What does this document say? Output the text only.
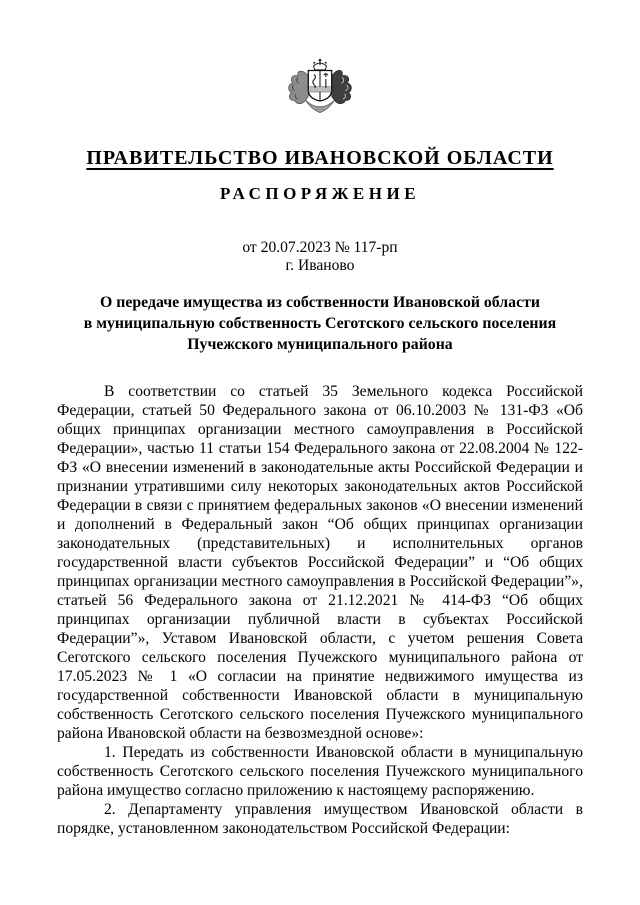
ПРАВИТЕЛЬСТВО ИВАНОВСКОЙ ОБЛАСТИ
РАСПОРЯЖЕНИЕ
от 20.07.2023 № 117-рп
г. Иваново
О передаче имущества из собственности Ивановской области
в муниципальную собственность Сеготского сельского поселения
Пучежского муниципального района

В соответствии со статьей 35 Земельного кодекса Российской Федерации, статьей 50 Федерального закона от 06.10.2003 № 131-ФЗ «Об общих принципах организации местного самоуправления в Российской Федерации», частью 11 статьи 154 Федерального закона от 22.08.2004 № 122-ФЗ «О внесении изменений в законодательные акты Российской Федерации и признании утратившими силу некоторых законодательных актов Российской Федерации в связи с принятием федеральных законов «О внесении изменений и дополнений в Федеральный закон “Об общих принципах организации законодательных (представительных) и исполнительных органов государственной власти субъектов Российской Федерации” и “Об общих принципах организации местного самоуправления в Российской Федерации”», статьей 56 Федерального закона от 21.12.2021 № 414-ФЗ “Об общих принципах организации публичной власти в субъектах Российской Федерации”», Уставом Ивановской области, с учетом решения Совета Сеготского сельского поселения Пучежского муниципального района от 17.05.2023 № 1 «О согласии на принятие недвижимого имущества из государственной собственности Ивановской области в муниципальную собственность Сеготского сельского поселения Пучежского муниципального района Ивановской области на безвозмездной основе»:

1. Передать из собственности Ивановской области в муниципальную собственность Сеготского сельского поселения Пучежского муниципального района имущество согласно приложению к настоящему распоряжению.

2. Департаменту управления имуществом Ивановской области в порядке, установленном законодательством Российской Федерации:
